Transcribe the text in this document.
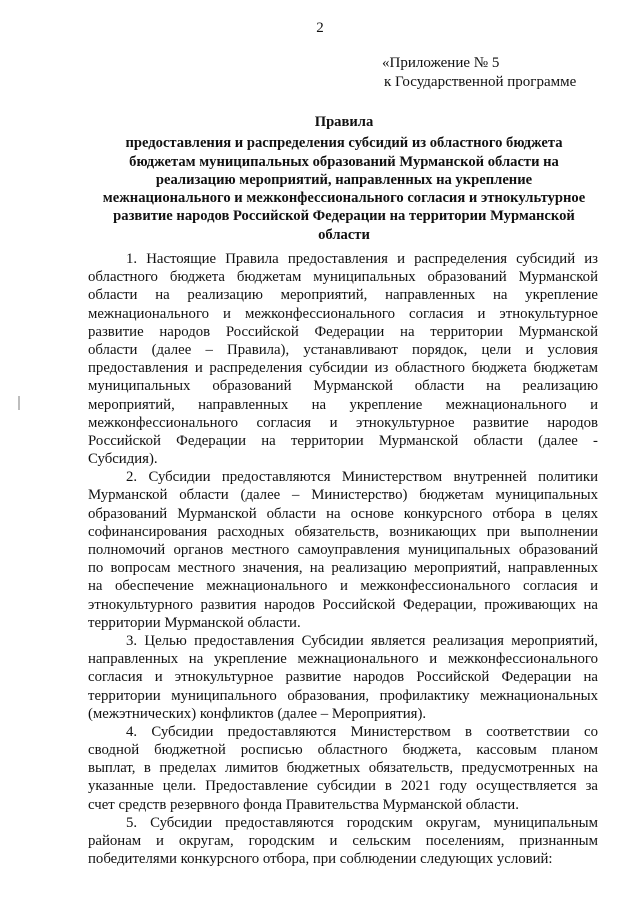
2
«Приложение № 5
к Государственной программе
Правила
предоставления и распределения субсидий из областного бюджета
бюджетам муниципальных образований Мурманской области на
реализацию мероприятий, направленных на укрепление
межнационального и межконфессионального согласия и этнокультурное
развитие народов Российской Федерации на территории Мурманской
области
1. Настоящие Правила предоставления и распределения субсидий из
областного бюджета бюджетам муниципальных образований Мурманской
области на реализацию мероприятий, направленных на укрепление
межнационального и межконфессионального согласия и этнокультурное
развитие народов Российской Федерации на территории Мурманской
области (далее – Правила), устанавливают порядок, цели и условия
предоставления и распределения субсидии из областного бюджета бюджетам
муниципальных образований Мурманской области на реализацию
мероприятий, направленных на укрепление межнационального и
межконфессионального согласия и этнокультурное развитие народов
Российской Федерации на территории Мурманской области (далее -
Субсидия).
2. Субсидии предоставляются Министерством внутренней политики
Мурманской области (далее – Министерство) бюджетам муниципальных
образований Мурманской области на основе конкурсного отбора в целях
софинансирования расходных обязательств, возникающих при выполнении
полномочий органов местного самоуправления муниципальных образований
по вопросам местного значения, на реализацию мероприятий, направленных
на обеспечение межнационального и межконфессионального согласия и
этнокультурного развития народов Российской Федерации, проживающих на
территории Мурманской области.
3. Целью предоставления Субсидии является реализация мероприятий,
направленных на укрепление межнационального и межконфессионального
согласия и этнокультурное развитие народов Российской Федерации на
территории муниципального образования, профилактику межнациональных
(межэтнических) конфликтов (далее – Мероприятия).
4. Субсидии предоставляются Министерством в соответствии со
сводной бюджетной росписью областного бюджета, кассовым планом
выплат, в пределах лимитов бюджетных обязательств, предусмотренных на
указанные цели. Предоставление субсидии в 2021 году осуществляется за
счет средств резервного фонда Правительства Мурманской области.
5. Субсидии предоставляются городским округам, муниципальным
районам и округам, городским и сельским поселениям, признанным
победителями конкурсного отбора, при соблюдении следующих условий:
